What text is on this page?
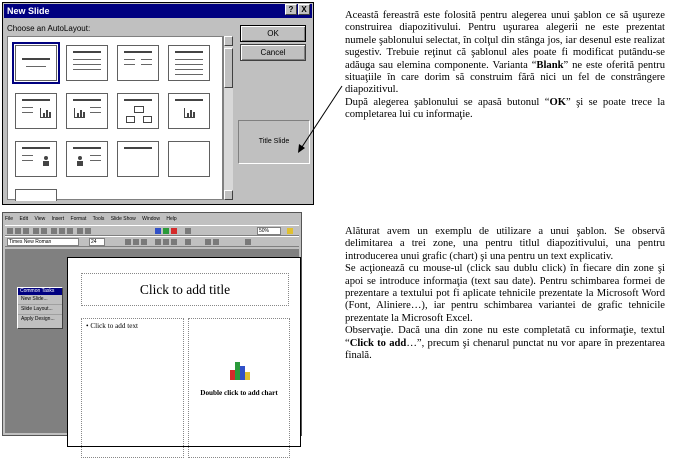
New Slide	? X
Choose an AutoLayout:
OK
Cancel
Title Slide

Această fereastră este folosită pentru alegerea unui şablon ce să uşureze construirea diapozitivului. Pentru uşurarea alegerii ne este prezentat numele şablonului selectat, în colţul din stânga jos, iar desenul este realizat sugestiv. Trebuie reţinut că şablonul ales poate fi modificat putându-se adăuga sau elemina componente. Varianta “Blank” ne este oferită pentru situaţiile în care dorim să construim fără nici un fel de constrângere diapozitivul.

După alegerea şablonului se apasă butonul “OK” şi se poate trece la completarea lui cu informaţie.

File Edit View Insert Format Tools Slide Show Window Help
50%
Times New Roman	24
Click to add title
• Click to add text
Double click to add chart
Common Tasks
New Slide...
Slide Layout...
Apply Design...

Alăturat avem un exemplu de utilizare a unui şablon. Se observă delimitarea a trei zone, una pentru titlul diapozitivului, una pentru introducerea unui grafic (chart) şi una pentru un text explicativ.

Se acţionează cu mouse-ul (click sau dublu click) în fiecare din zone şi apoi se introduce informaţia (text sau date). Pentru schimbarea formei de prezentare a textului pot fi aplicate tehnicile prezentate la Microsoft Word (Font, Aliniere…), iar pentru schimbarea variantei de grafic tehnicile prezentate la Microsoft Excel.

Observaţie. Dacă una din zone nu este completată cu informaţie, textul “Click to add…”, precum şi chenarul punctat nu vor apare în prezentarea finală.
